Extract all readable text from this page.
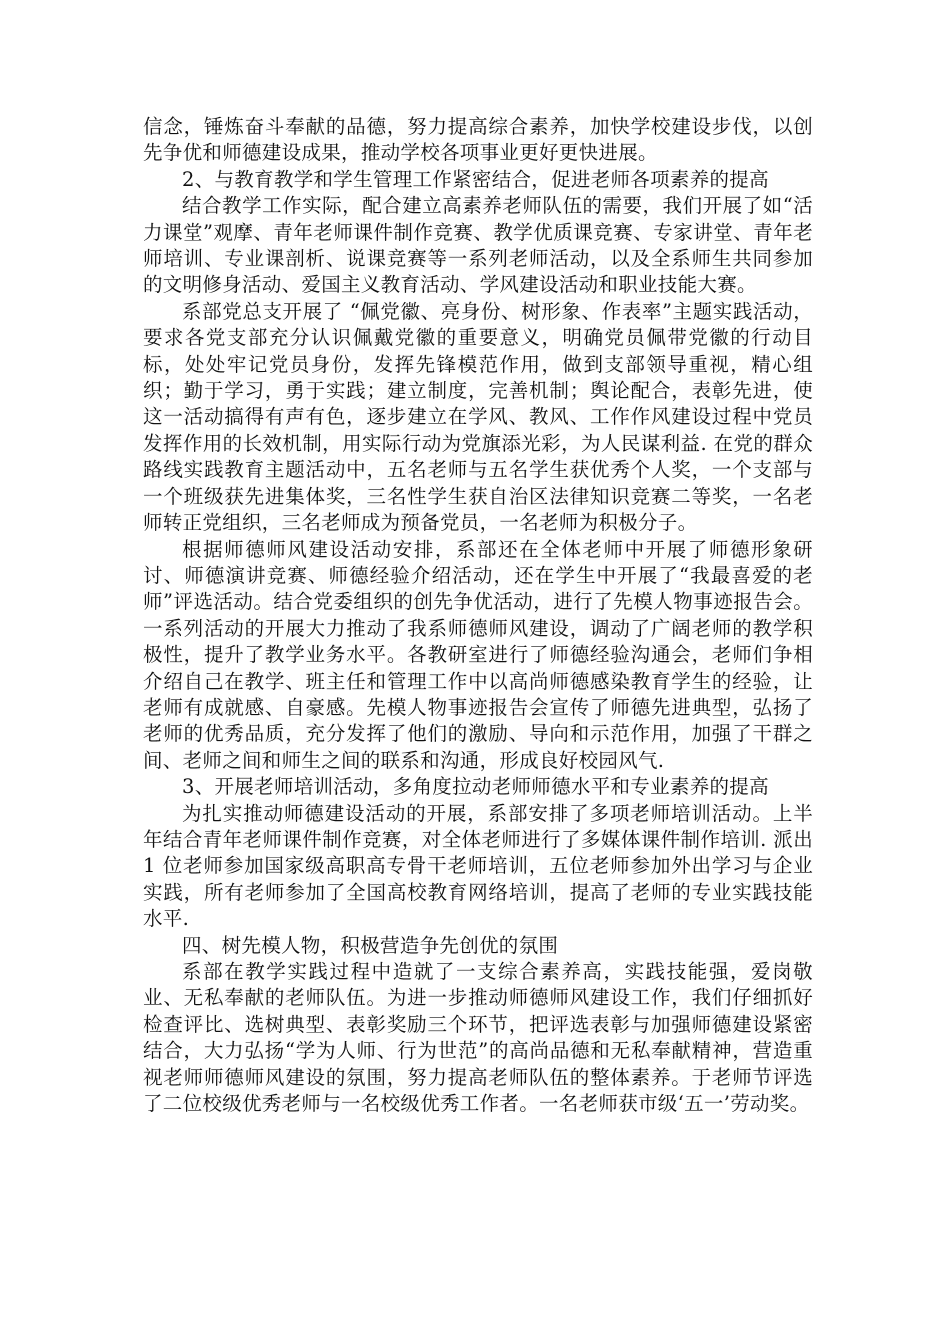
信念，锤炼奋斗奉献的品德，努力提高综合素养，加快学校建设步伐，以创先争优和师德建设成果，推动学校各项事业更好更快进展。

2、与教育教学和学生管理工作紧密结合，促进老师各项素养的提高

结合教学工作实际，配合建立高素养老师队伍的需要，我们开展了如“活力课堂”观摩、青年老师课件制作竞赛、教学优质课竞赛、专家讲堂、青年老师培训、专业课剖析、说课竞赛等一系列老师活动，以及全系师生共同参加的文明修身活动、爱国主义教育活动、学风建设活动和职业技能大赛。

系部党总支开展了 “佩党徽、亮身份、树形象、作表率”主题实践活动，要求各党支部充分认识佩戴党徽的重要意义，明确党员佩带党徽的行动目标，处处牢记党员身份，发挥先锋模范作用，做到支部领导重视，精心组织；勤于学习，勇于实践；建立制度，完善机制；舆论配合，表彰先进，使这一活动搞得有声有色，逐步建立在学风、教风、工作作风建设过程中党员发挥作用的长效机制，用实际行动为党旗添光彩，为人民谋利益. 在党的群众路线实践教育主题活动中，五名老师与五名学生获优秀个人奖，一个支部与一个班级获先进集体奖，三名性学生获自治区法律知识竞赛二等奖，一名老师转正党组织，三名老师成为预备党员，一名老师为积极分子。

根据师德师风建设活动安排，系部还在全体老师中开展了师德形象研讨、师德演讲竞赛、师德经验介绍活动，还在学生中开展了“我最喜爱的老师”评选活动。结合党委组织的创先争优活动，进行了先模人物事迹报告会。一系列活动的开展大力推动了我系师德师风建设，调动了广阔老师的教学积极性，提升了教学业务水平。各教研室进行了师德经验沟通会，老师们争相介绍自己在教学、班主任和管理工作中以高尚师德感染教育学生的经验，让老师有成就感、自豪感。先模人物事迹报告会宣传了师德先进典型，弘扬了老师的优秀品质，充分发挥了他们的激励、导向和示范作用，加强了干群之间、老师之间和师生之间的联系和沟通，形成良好校园风气.

3、开展老师培训活动，多角度拉动老师师德水平和专业素养的提高

为扎实推动师德建设活动的开展，系部安排了多项老师培训活动。上半年结合青年老师课件制作竞赛，对全体老师进行了多媒体课件制作培训. 派出 1 位老师参加国家级高职高专骨干老师培训，五位老师参加外出学习与企业实践，所有老师参加了全国高校教育网络培训，提高了老师的专业实践技能水平.

四、树先模人物，积极营造争先创优的氛围

系部在教学实践过程中造就了一支综合素养高，实践技能强，爱岗敬业、无私奉献的老师队伍。为进一步推动师德师风建设工作，我们仔细抓好检查评比、选树典型、表彰奖励三个环节，把评选表彰与加强师德建设紧密结合，大力弘扬“学为人师、行为世范”的高尚品德和无私奉献精神，营造重视老师师德师风建设的氛围，努力提高老师队伍的整体素养。于老师节评选了二位校级优秀老师与一名校级优秀工作者。一名老师获市级‘五一’劳动奖。
